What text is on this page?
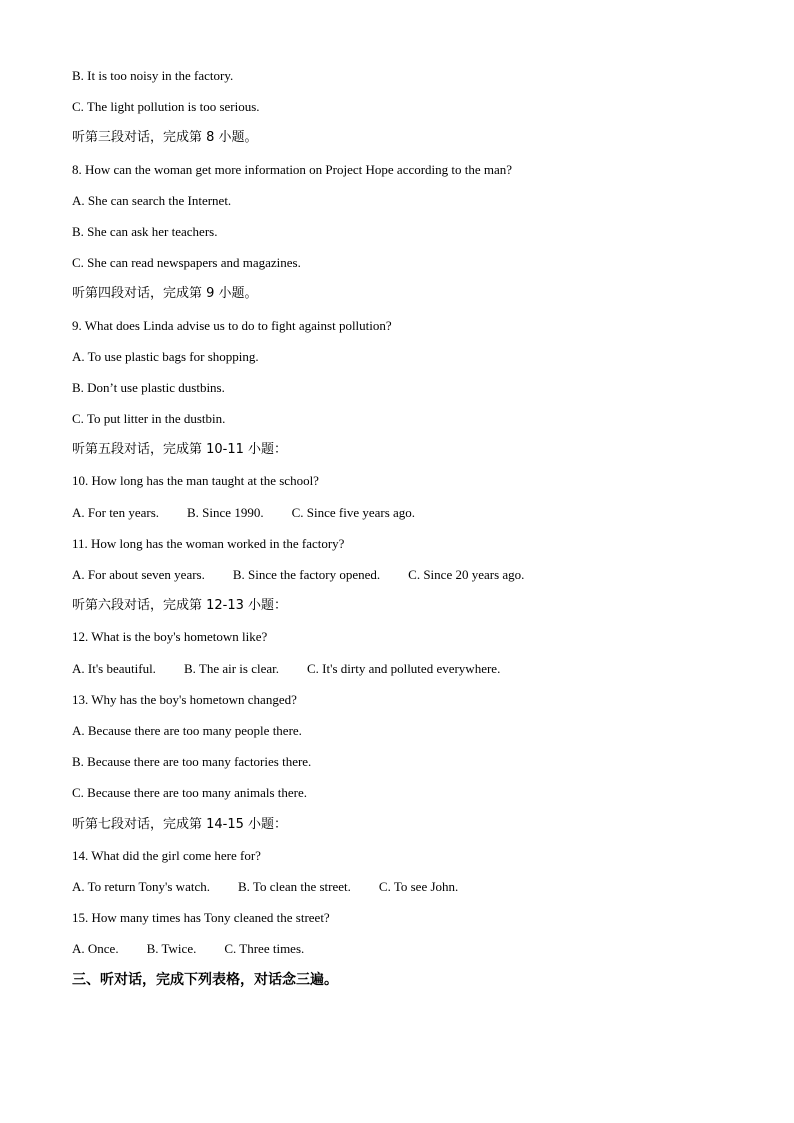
B. It is too noisy in the factory.
C. The light pollution is too serious.
听第三段对话，完成第 8 小题。
8. How can the woman get more information on Project Hope according to the man?
A. She can search the Internet.
B. She can ask her teachers.
C. She can read newspapers and magazines.
听第四段对话，完成第 9 小题。
9. What does Linda advise us to do to fight against pollution?
A. To use plastic bags for shopping.
B. Don’t use plastic dustbins.
C. To put litter in the dustbin.
听第五段对话，完成第 10-11 小题：
10. How long has the man taught at the school?
A. For ten years. B. Since 1990. C. Since five years ago.
11. How long has the woman worked in the factory?
A. For about seven years. B. Since the factory opened. C. Since 20 years ago.
听第六段对话，完成第 12-13 小题：
12. What is the boy's hometown like?
A. It's beautiful. B. The air is clear. C. It's dirty and polluted everywhere.
13. Why has the boy's hometown changed?
A. Because there are too many people there.
B. Because there are too many factories there.
C. Because there are too many animals there.
听第七段对话，完成第 14-15 小题：
14. What did the girl come here for?
A. To return Tony's watch. B. To clean the street. C. To see John.
15. How many times has Tony cleaned the street?
A. Once. B. Twice. C. Three times.
三、听对话，完成下列表格，对话念三遍。
